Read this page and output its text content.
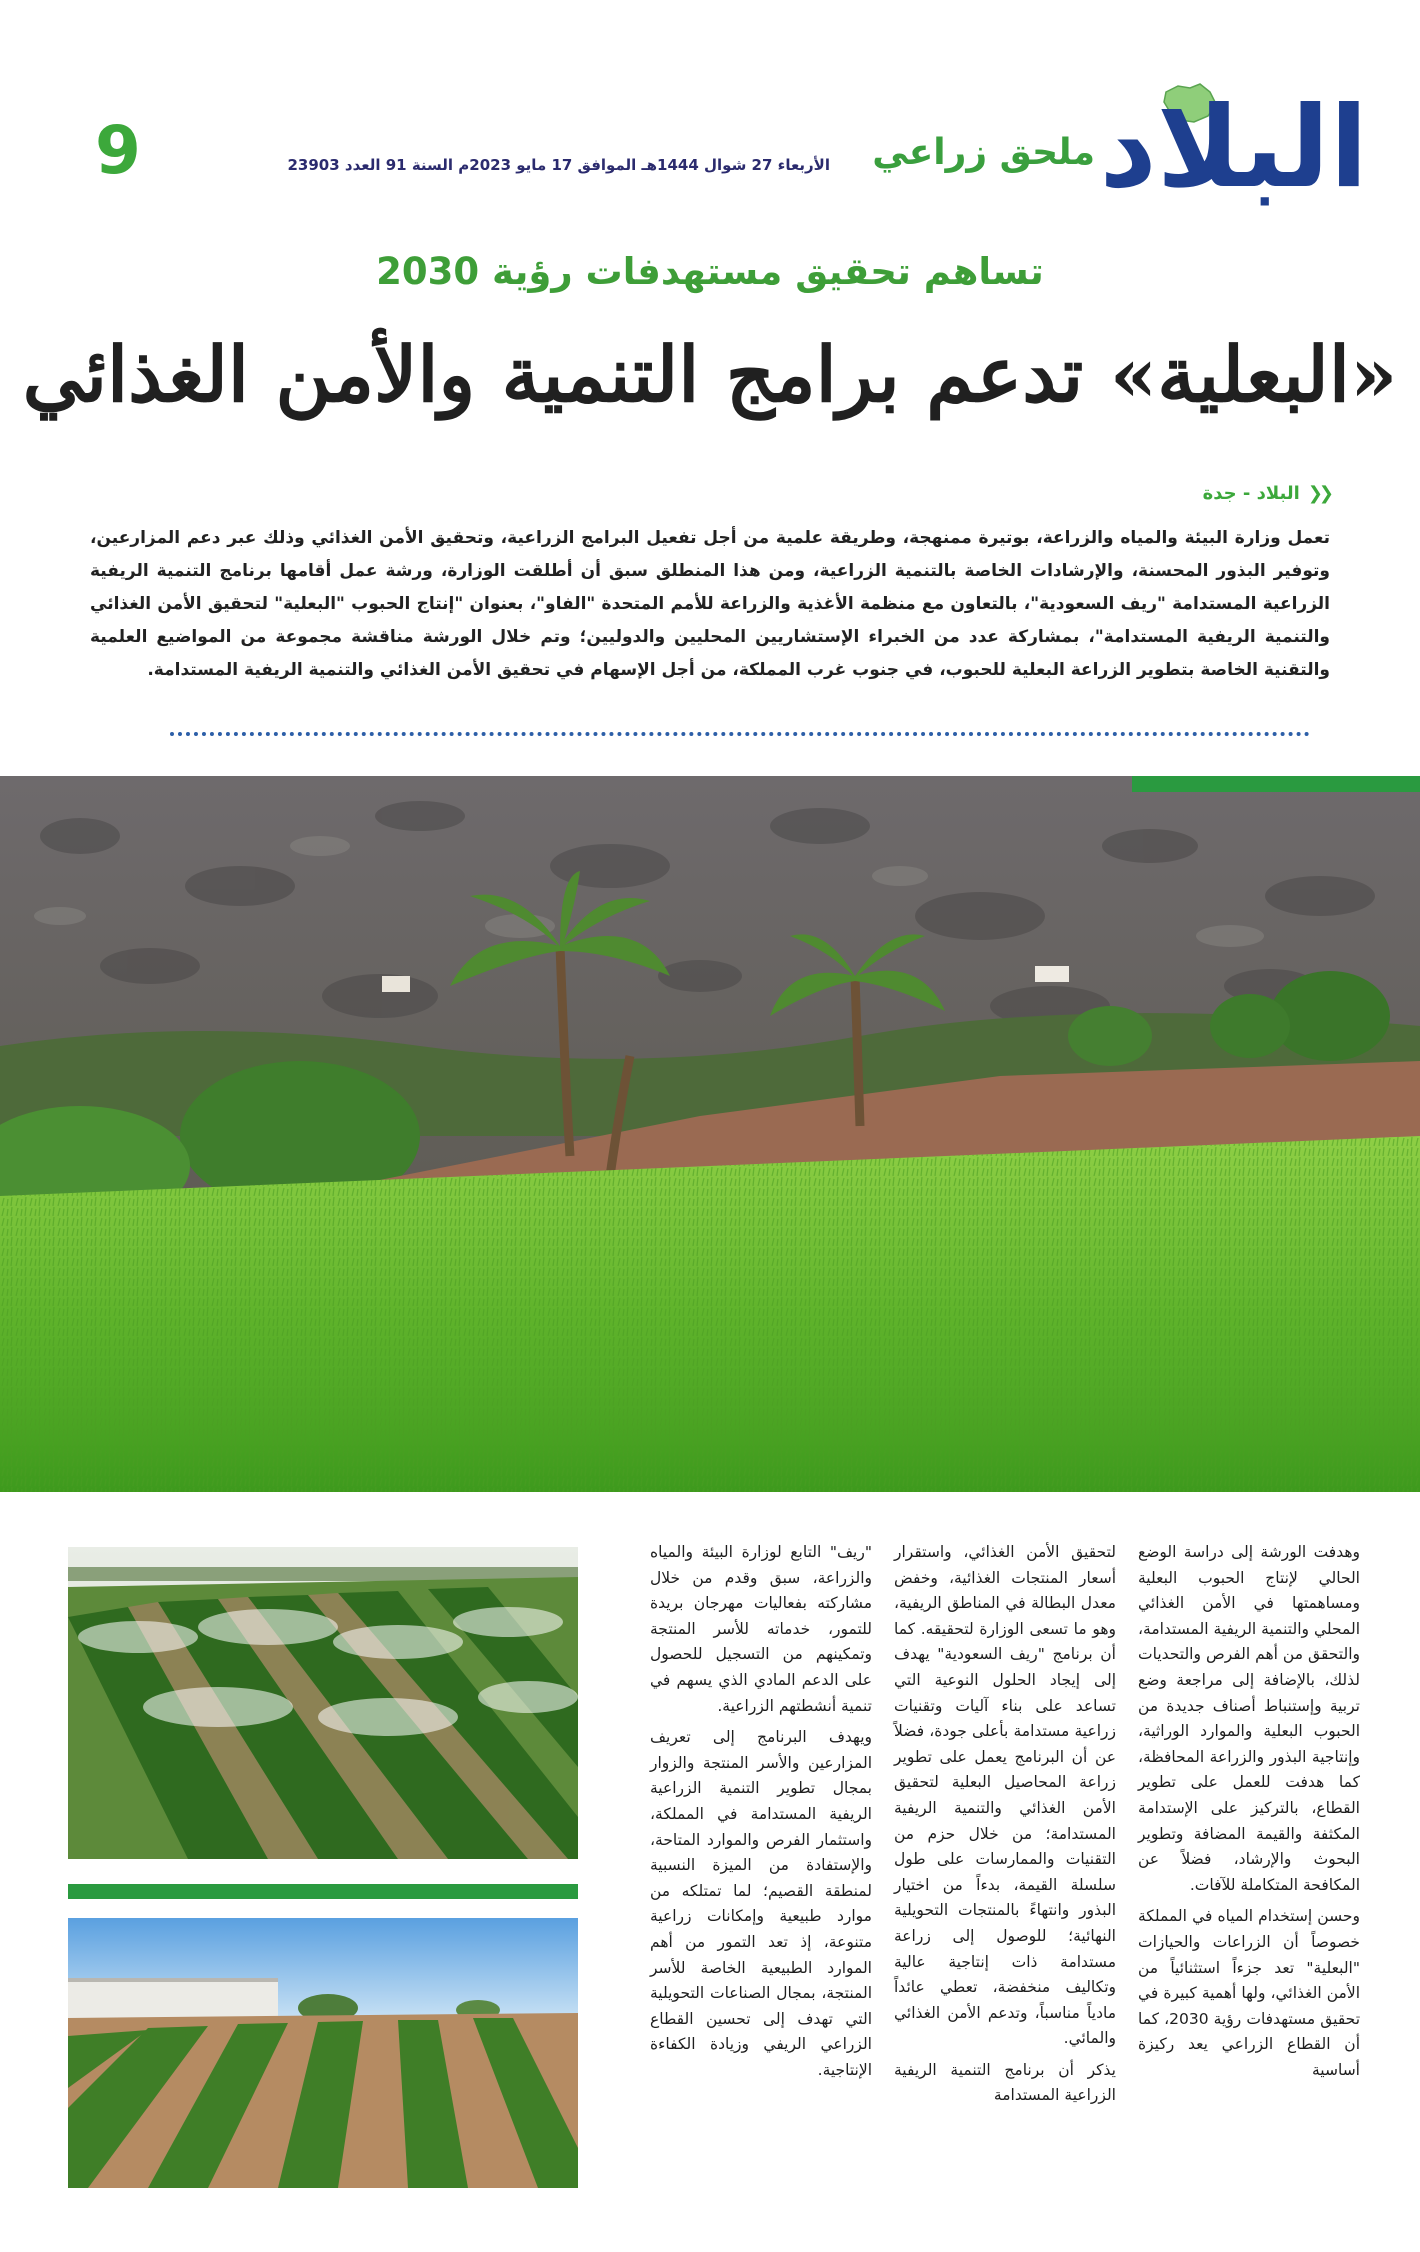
البلاد
ملحق زراعي
الأربعاء 27 شوال 1444هـ الموافق 17 مايو 2023م السنة 91 العدد 23903
9
تساهم تحقيق مستهدفات رؤية 2030
«البعلية» تدعم برامج التنمية والأمن الغذائي
❮❮
البلاد - جدة

تعمل وزارة البيئة والمياه والزراعة، بوتيرة ممنهجة، وطريقة علمية من أجل تفعيل البرامج الزراعية، وتحقيق الأمن الغذائي وذلك عبر دعم المزارعين، وتوفير البذور المحسنة، والإرشادات الخاصة بالتنمية الزراعية، ومن هذا المنطلق سبق أن أطلقت الوزارة، ورشة عمل أقامها برنامج التنمية الريفية الزراعية المستدامة "ريف السعودية"، بالتعاون مع منظمة الأغذية والزراعة للأمم المتحدة "الفاو"، بعنوان "إنتاج الحبوب "البعلية" لتحقيق الأمن الغذائي والتنمية الريفية المستدامة"، بمشاركة عدد من الخبراء الإستشاريين المحليين والدوليين؛ وتم خلال الورشة مناقشة مجموعة من المواضيع العلمية والتقنية الخاصة بتطوير الزراعة البعلية للحبوب، في جنوب غرب المملكة، من أجل الإسهام في تحقيق الأمن الغذائي والتنمية الريفية المستدامة.

وهدفت الورشة إلى دراسة الوضع الحالي لإنتاج الحبوب البعلية ومساهمتها في الأمن الغذائي المحلي والتنمية الريفية المستدامة، والتحقق من أهم الفرص والتحديات لذلك، بالإضافة إلى مراجعة وضع تربية وإستنباط أصناف جديدة من الحبوب البعلية والموارد الوراثية، وإنتاجية البذور والزراعة المحافظة، كما هدفت للعمل على تطوير القطاع، بالتركيز على الإستدامة المكثفة والقيمة المضافة وتطوير البحوث والإرشاد، فضلاً عن المكافحة المتكاملة للآفات.

وحسن إستخدام المياه في المملكة خصوصاً أن الزراعات والحيازات "البعلية" تعد جزءاً استثنائياً من الأمن الغذائي، ولها أهمية كبيرة في تحقيق مستهدفات رؤية 2030، كما أن القطاع الزراعي يعد ركيزة أساسية

لتحقيق الأمن الغذائي، واستقرار أسعار المنتجات الغذائية، وخفض معدل البطالة في المناطق الريفية، وهو ما تسعى الوزارة لتحقيقه. كما أن برنامج "ريف السعودية" يهدف إلى إيجاد الحلول النوعية التي تساعد على بناء آليات وتقنيات زراعية مستدامة بأعلى جودة، فضلاً عن أن البرنامج يعمل على تطوير زراعة المحاصيل البعلية لتحقيق الأمن الغذائي والتنمية الريفية المستدامة؛ من خلال حزم من التقنيات والممارسات على طول سلسلة القيمة، بدءاً من اختيار البذور وانتهاءً بالمنتجات التحويلية النهائية؛ للوصول إلى زراعة مستدامة ذات إنتاجية عالية وتكاليف منخفضة، تعطي عائداً مادياً مناسباً، وتدعم الأمن الغذائي والمائي.

يذكر أن برنامج التنمية الريفية الزراعية المستدامة

"ريف" التابع لوزارة البيئة والمياه والزراعة، سبق وقدم من خلال مشاركته بفعاليات مهرجان بريدة للتمور، خدماته للأسر المنتجة وتمكينهم من التسجيل للحصول على الدعم المادي الذي يسهم في تنمية أنشطتهم الزراعية.

ويهدف البرنامج إلى تعريف المزارعين والأسر المنتجة والزوار بمجال تطوير التنمية الزراعية الريفية المستدامة في المملكة، واستثمار الفرص والموارد المتاحة، والإستفادة من الميزة النسبية لمنطقة القصيم؛ لما تمتلكه من موارد طبيعية وإمكانات زراعية متنوعة، إذ تعد التمور من أهم الموارد الطبيعية الخاصة للأسر المنتجة، بمجال الصناعات التحويلية التي تهدف إلى تحسين القطاع الزراعي الريفي وزيادة الكفاءة الإنتاجية.
